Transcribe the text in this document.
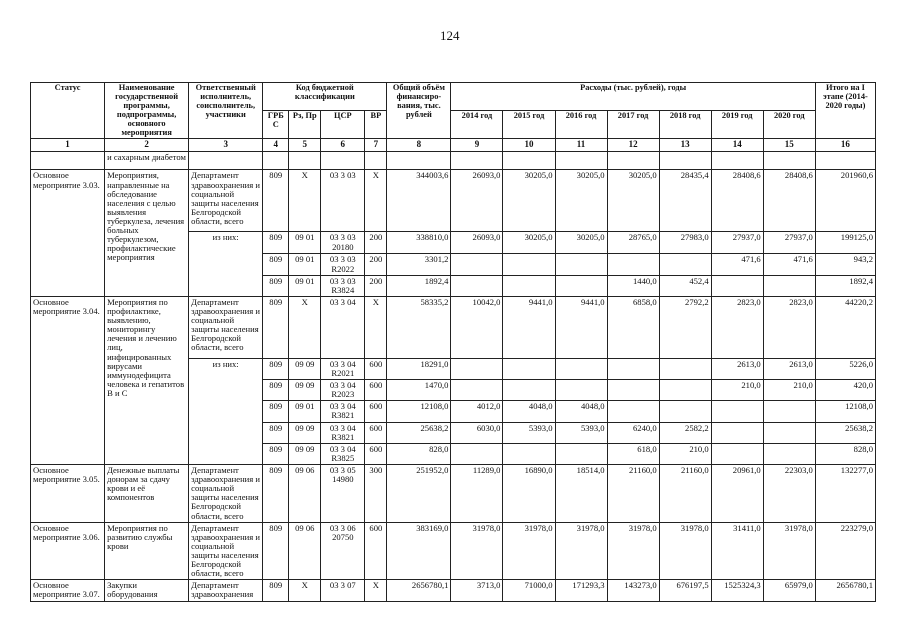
124
Статус	Наименование государственной программы, подпрограммы, основного мероприятия	Ответственный исполнитель, соисполнитель, участники	Код бюджетной классификации				Общий объём финансиро-вания, тыс. рублей	Расходы (тыс. рублей), годы							Итого на I этапе (2014-2020 годы)
			ГРБС	Рз, Пр	ЦСР	ВР		2014 год	2015 год	2016 год	2017 год	2018 год	2019 год	2020 год	
1	2	3	4	5	6	7	8	9	10	11	12	13	14	15	16
	и сахарным диабетом														
Основное мероприятие 3.03.	Мероприятия, направленные на обследование населения с целью выявления туберкулеза, лечения больных туберкулезом, профилактические мероприятия	Департамент здравоохранения и социальной защиты населения Белгородской области, всего	809	Х	03 3 03	Х	344003,6	26093,0	30205,0	30205,0	30205,0	28435,4	28408,6	28408,6	201960,6
		из них:	809	09 01	03 3 03 20180	200	338810,0	26093,0	30205,0	30205,0	28765,0	27983,0	27937,0	27937,0	199125,0
			809	09 01	03 3 03 R2022	200	3301,2						471,6	471,6	943,2
			809	09 01	03 3 03 R3824	200	1892,4				1440,0	452,4			1892,4
Основное мероприятие 3.04.	Мероприятия по профилактике, выявлению, мониторингу лечения и лечению лиц, инфицированных вирусами иммунодефицита человека и гепатитов В и С	Департамент здравоохранения и социальной защиты населения Белгородской области, всего	809	Х	03 3 04	Х	58335,2	10042,0	9441,0	9441,0	6858,0	2792,2	2823,0	2823,0	44220,2
		из них:	809	09 09	03 3 04 R2021	600	18291,0						2613,0	2613,0	5226,0
			809	09 09	03 3 04 R2023	600	1470,0						210,0	210,0	420,0
			809	09 01	03 3 04 R3821	600	12108,0	4012,0	4048,0	4048,0					12108,0
			809	09 09	03 3 04 R3821	600	25638,2	6030,0	5393,0	5393,0	6240,0	2582,2			25638,2
			809	09 09	03 3 04 R3825	600	828,0				618,0	210,0			828,0
Основное мероприятие 3.05.	Денежные выплаты донорам за сдачу крови и её компонентов	Департамент здравоохранения и социальной защиты населения Белгородской области, всего	809	09 06	03 3 05 14980	300	251952,0	11289,0	16890,0	18514,0	21160,0	21160,0	20961,0	22303,0	132277,0
Основное мероприятие 3.06.	Мероприятия по развитию службы крови	Департамент здравоохранения и социальной защиты населения Белгородской области, всего	809	09 06	03 3 06 20750	600	383169,0	31978,0	31978,0	31978,0	31978,0	31978,0	31411,0	31978,0	223279,0
Основное мероприятие 3.07.	Закупки оборудования	Департамент здравоохранения	809	Х	03 3 07	Х	2656780,1	3713,0	71000,0	171293,3	143273,0	676197,5	1525324,3	65979,0	2656780,1
